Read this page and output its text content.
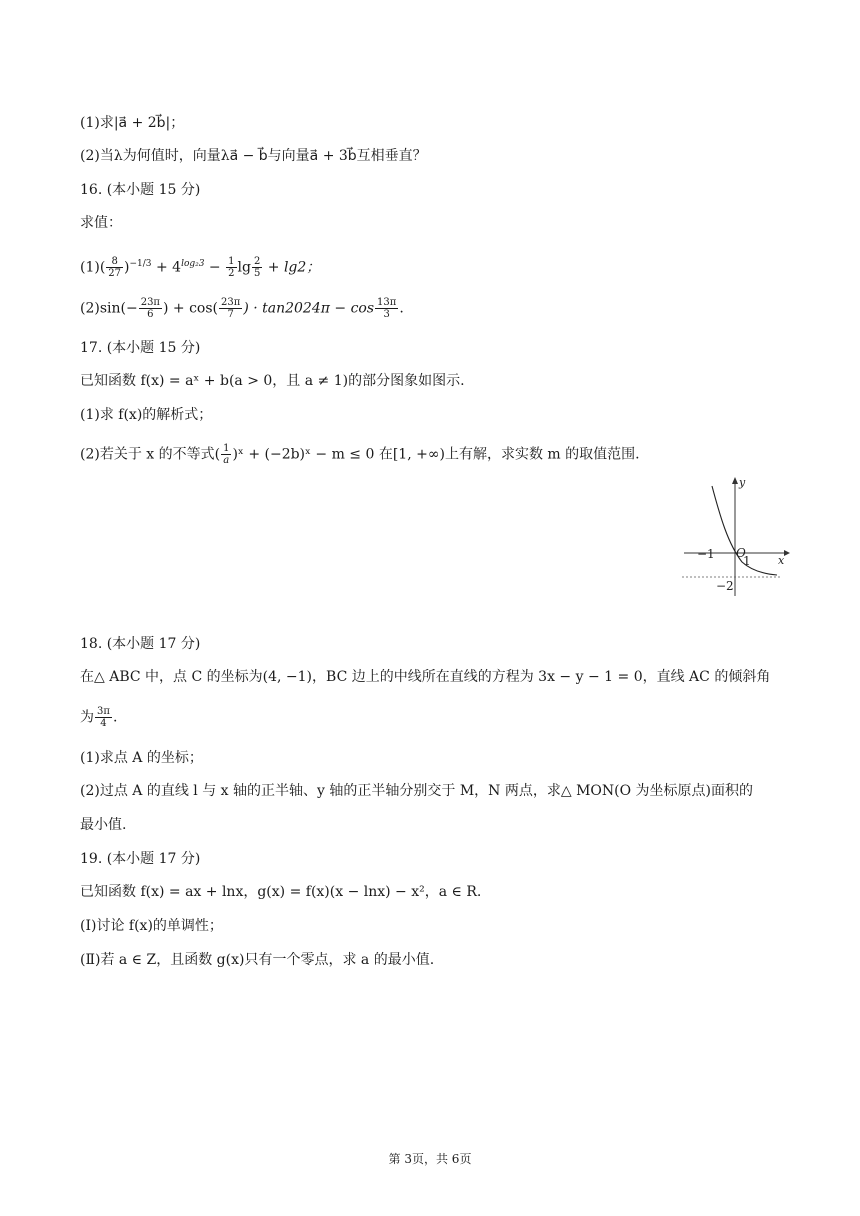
(1)求|a⃗ + 2b⃗|；
(2)当λ为何值时，向量λa⃗ − b⃗与向量a⃗ + 3b⃗互相垂直？
16. (本小题 15 分)
求值：
$(1)( \frac{8}{27} )^{-1/3} + 4^{log_23} - \frac{1}{2}$ $\lg \frac{2}{5} + \lg 2$；
$(2)\sin(- \frac{23\pi}{6}$ ) + $\cos( \frac{23\pi}{7}$ ) · $\tan 2024\pi - \cos \frac{13\pi}{3}$ .
17. (本小题 15 分)
已知函数 f(x) = aˣ + b(a > 0，且 a ≠ 1)的部分图象如图示.
(1)求 f(x)的解析式；
(2)若关于 x 的不等式( $\frac{1}{a}$ )ˣ + (−2b)ˣ − m ≤ 0 在[1, +∞)上有解，求实数 m 的取值范围.
y
x
O
−1 1
−2
18. (本小题 17 分)
在△ ABC 中，点 C 的坐标为(4, −1)，BC 边上的中线所在直线的方程为 3x − y − 1 = 0，直线 AC 的倾斜角
为 $\frac{3\pi}{4}$ .
(1)求点 A 的坐标；
(2)过点 A 的直线 l 与 x 轴的正半轴、y 轴的正半轴分别交于 M，N 两点，求△ MON(O 为坐标原点)面积的
最小值.
19. (本小题 17 分)
已知函数 f(x) = ax + lnx，g(x) = f(x)(x − lnx) − x²，a ∈ R.
(Ⅰ)讨论 f(x)的单调性；
(Ⅱ)若 a ∈ Z，且函数 g(x)只有一个零点，求 a 的最小值.
第 3页，共 6页
